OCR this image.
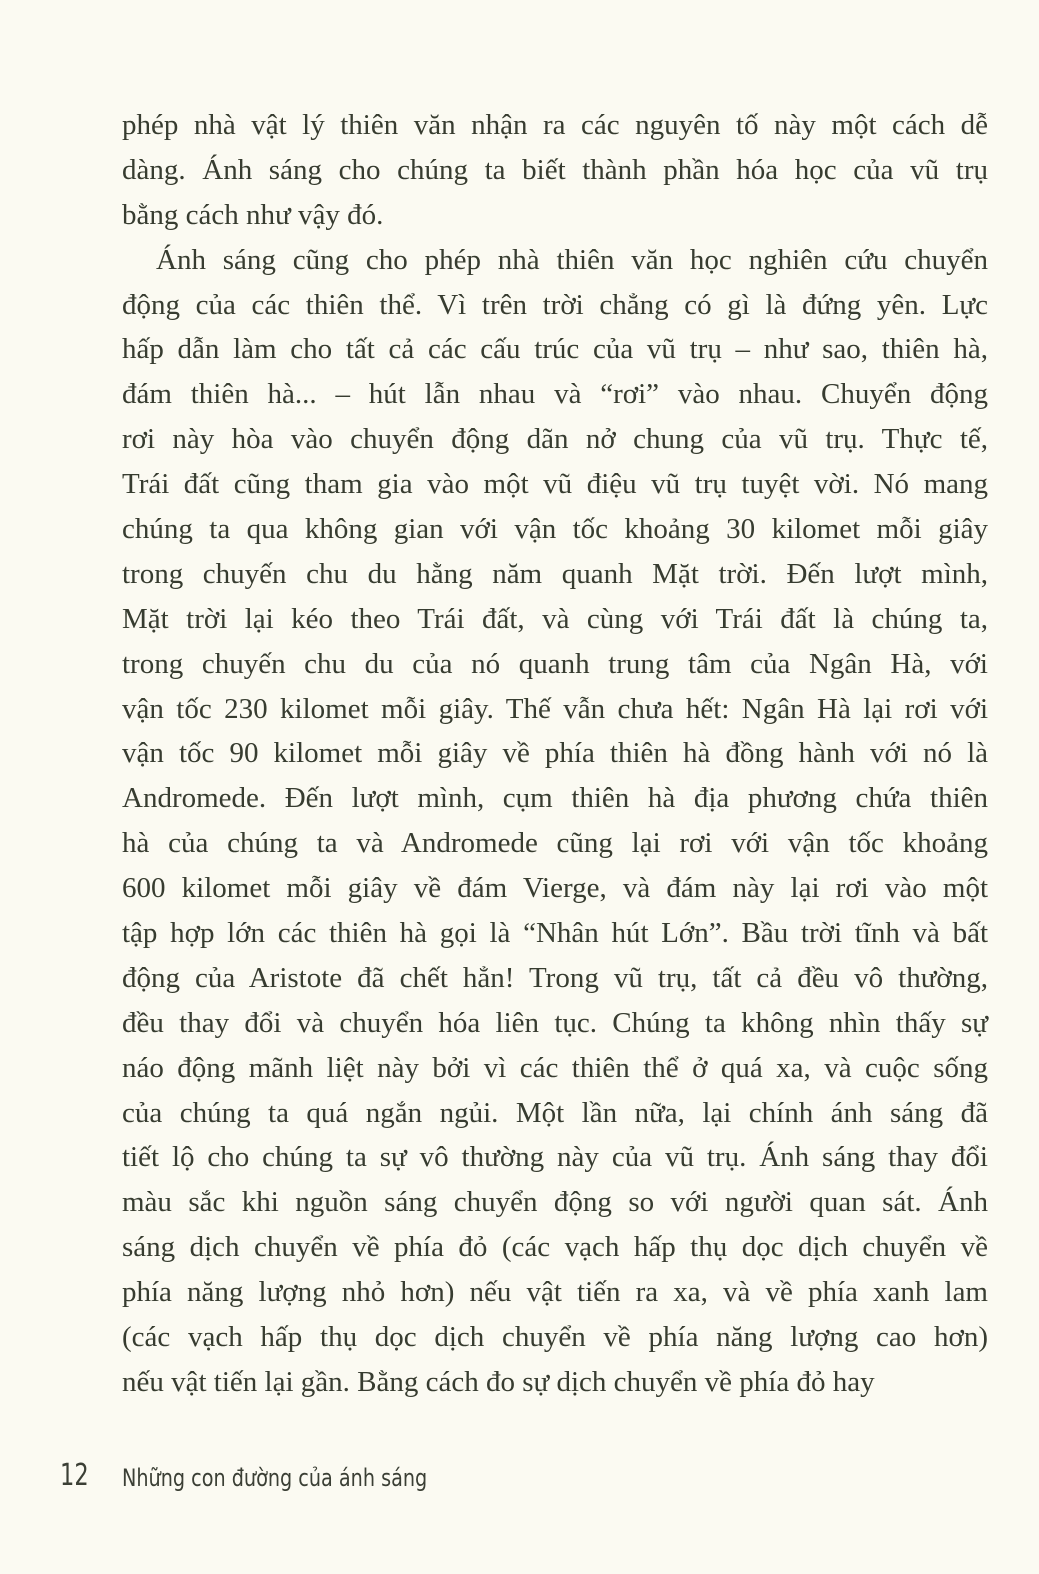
phép nhà vật lý thiên văn nhận ra các nguyên tố này một cách dễ
dàng. Ánh sáng cho chúng ta biết thành phần hóa học của vũ trụ
bằng cách như vậy đó.
Ánh sáng cũng cho phép nhà thiên văn học nghiên cứu chuyển
động của các thiên thể. Vì trên trời chẳng có gì là đứng yên. Lực
hấp dẫn làm cho tất cả các cấu trúc của vũ trụ – như sao, thiên hà,
đám thiên hà... – hút lẫn nhau và “rơi” vào nhau. Chuyển động
rơi này hòa vào chuyển động dãn nở chung của vũ trụ. Thực tế,
Trái đất cũng tham gia vào một vũ điệu vũ trụ tuyệt vời. Nó mang
chúng ta qua không gian với vận tốc khoảng 30 kilomet mỗi giây
trong chuyến chu du hằng năm quanh Mặt trời. Đến lượt mình,
Mặt trời lại kéo theo Trái đất, và cùng với Trái đất là chúng ta,
trong chuyến chu du của nó quanh trung tâm của Ngân Hà, với
vận tốc 230 kilomet mỗi giây. Thế vẫn chưa hết: Ngân Hà lại rơi với
vận tốc 90 kilomet mỗi giây về phía thiên hà đồng hành với nó là
Andromede. Đến lượt mình, cụm thiên hà địa phương chứa thiên
hà của chúng ta và Andromede cũng lại rơi với vận tốc khoảng
600 kilomet mỗi giây về đám Vierge, và đám này lại rơi vào một
tập hợp lớn các thiên hà gọi là “Nhân hút Lớn”. Bầu trời tĩnh và bất
động của Aristote đã chết hẳn! Trong vũ trụ, tất cả đều vô thường,
đều thay đổi và chuyển hóa liên tục. Chúng ta không nhìn thấy sự
náo động mãnh liệt này bởi vì các thiên thể ở quá xa, và cuộc sống
của chúng ta quá ngắn ngủi. Một lần nữa, lại chính ánh sáng đã
tiết lộ cho chúng ta sự vô thường này của vũ trụ. Ánh sáng thay đổi
màu sắc khi nguồn sáng chuyển động so với người quan sát. Ánh
sáng dịch chuyển về phía đỏ (các vạch hấp thụ dọc dịch chuyển về
phía năng lượng nhỏ hơn) nếu vật tiến ra xa, và về phía xanh lam
(các vạch hấp thụ dọc dịch chuyển về phía năng lượng cao hơn)
nếu vật tiến lại gần. Bằng cách đo sự dịch chuyển về phía đỏ hay
12 Những con đường của ánh sáng
